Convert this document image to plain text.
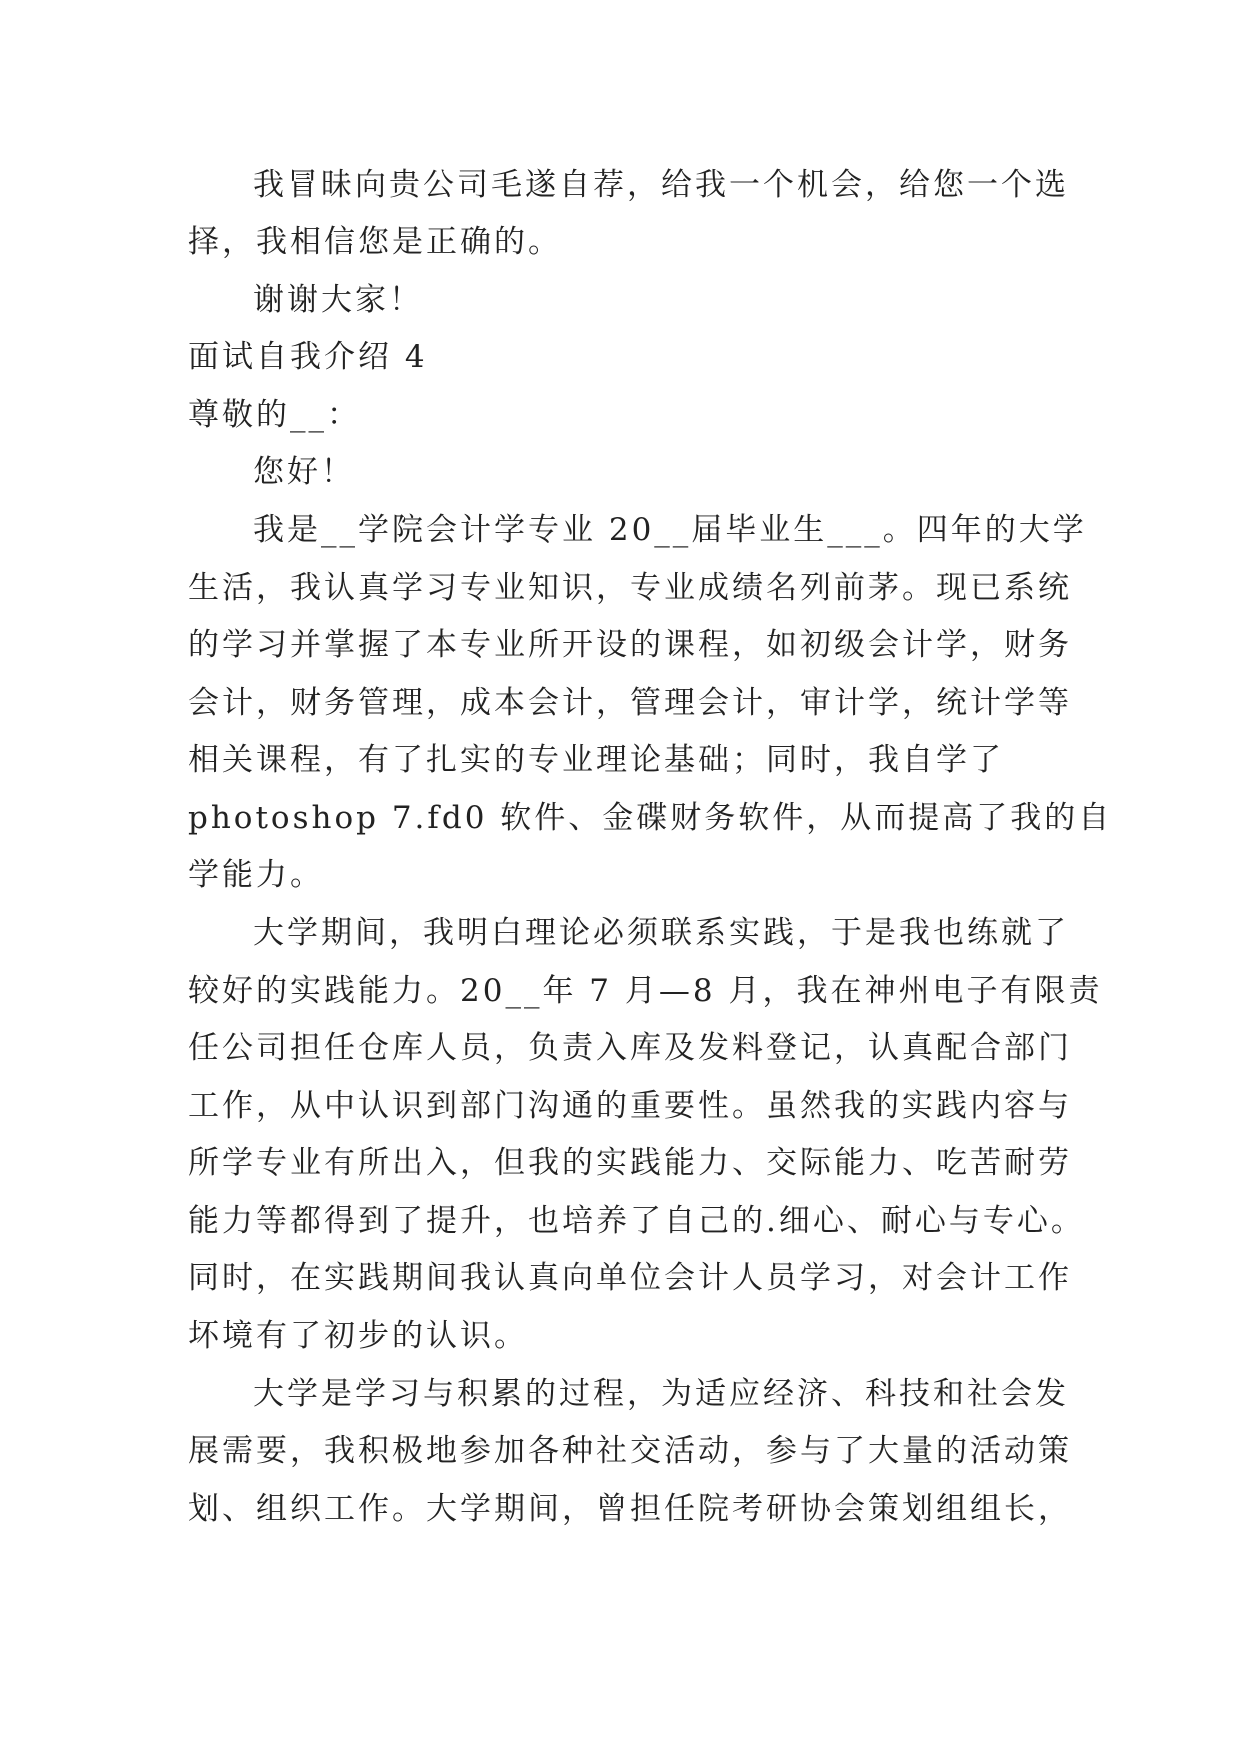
我冒昧向贵公司毛遂自荐，给我一个机会，给您一个选
择，我相信您是正确的。
谢谢大家！
面试自我介绍 4
尊敬的__：
您好！
我是__学院会计学专业 20__届毕业生___。四年的大学
生活，我认真学习专业知识，专业成绩名列前茅。现已系统
的学习并掌握了本专业所开设的课程，如初级会计学，财务
会计，财务管理，成本会计，管理会计，审计学，统计学等
相关课程，有了扎实的专业理论基础；同时，我自学了
photoshop 7.fd0 软件、金碟财务软件，从而提高了我的自
学能力。
大学期间，我明白理论必须联系实践，于是我也练就了
较好的实践能力。20__年 7 月—8 月，我在神州电子有限责
任公司担任仓库人员，负责入库及发料登记，认真配合部门
工作，从中认识到部门沟通的重要性。虽然我的实践内容与
所学专业有所出入，但我的实践能力、交际能力、吃苦耐劳
能力等都得到了提升，也培养了自己的.细心、耐心与专心。
同时，在实践期间我认真向单位会计人员学习，对会计工作
坏境有了初步的认识。
大学是学习与积累的过程，为适应经济、科技和社会发
展需要，我积极地参加各种社交活动，参与了大量的活动策
划、组织工作。大学期间，曾担任院考研协会策划组组长，
